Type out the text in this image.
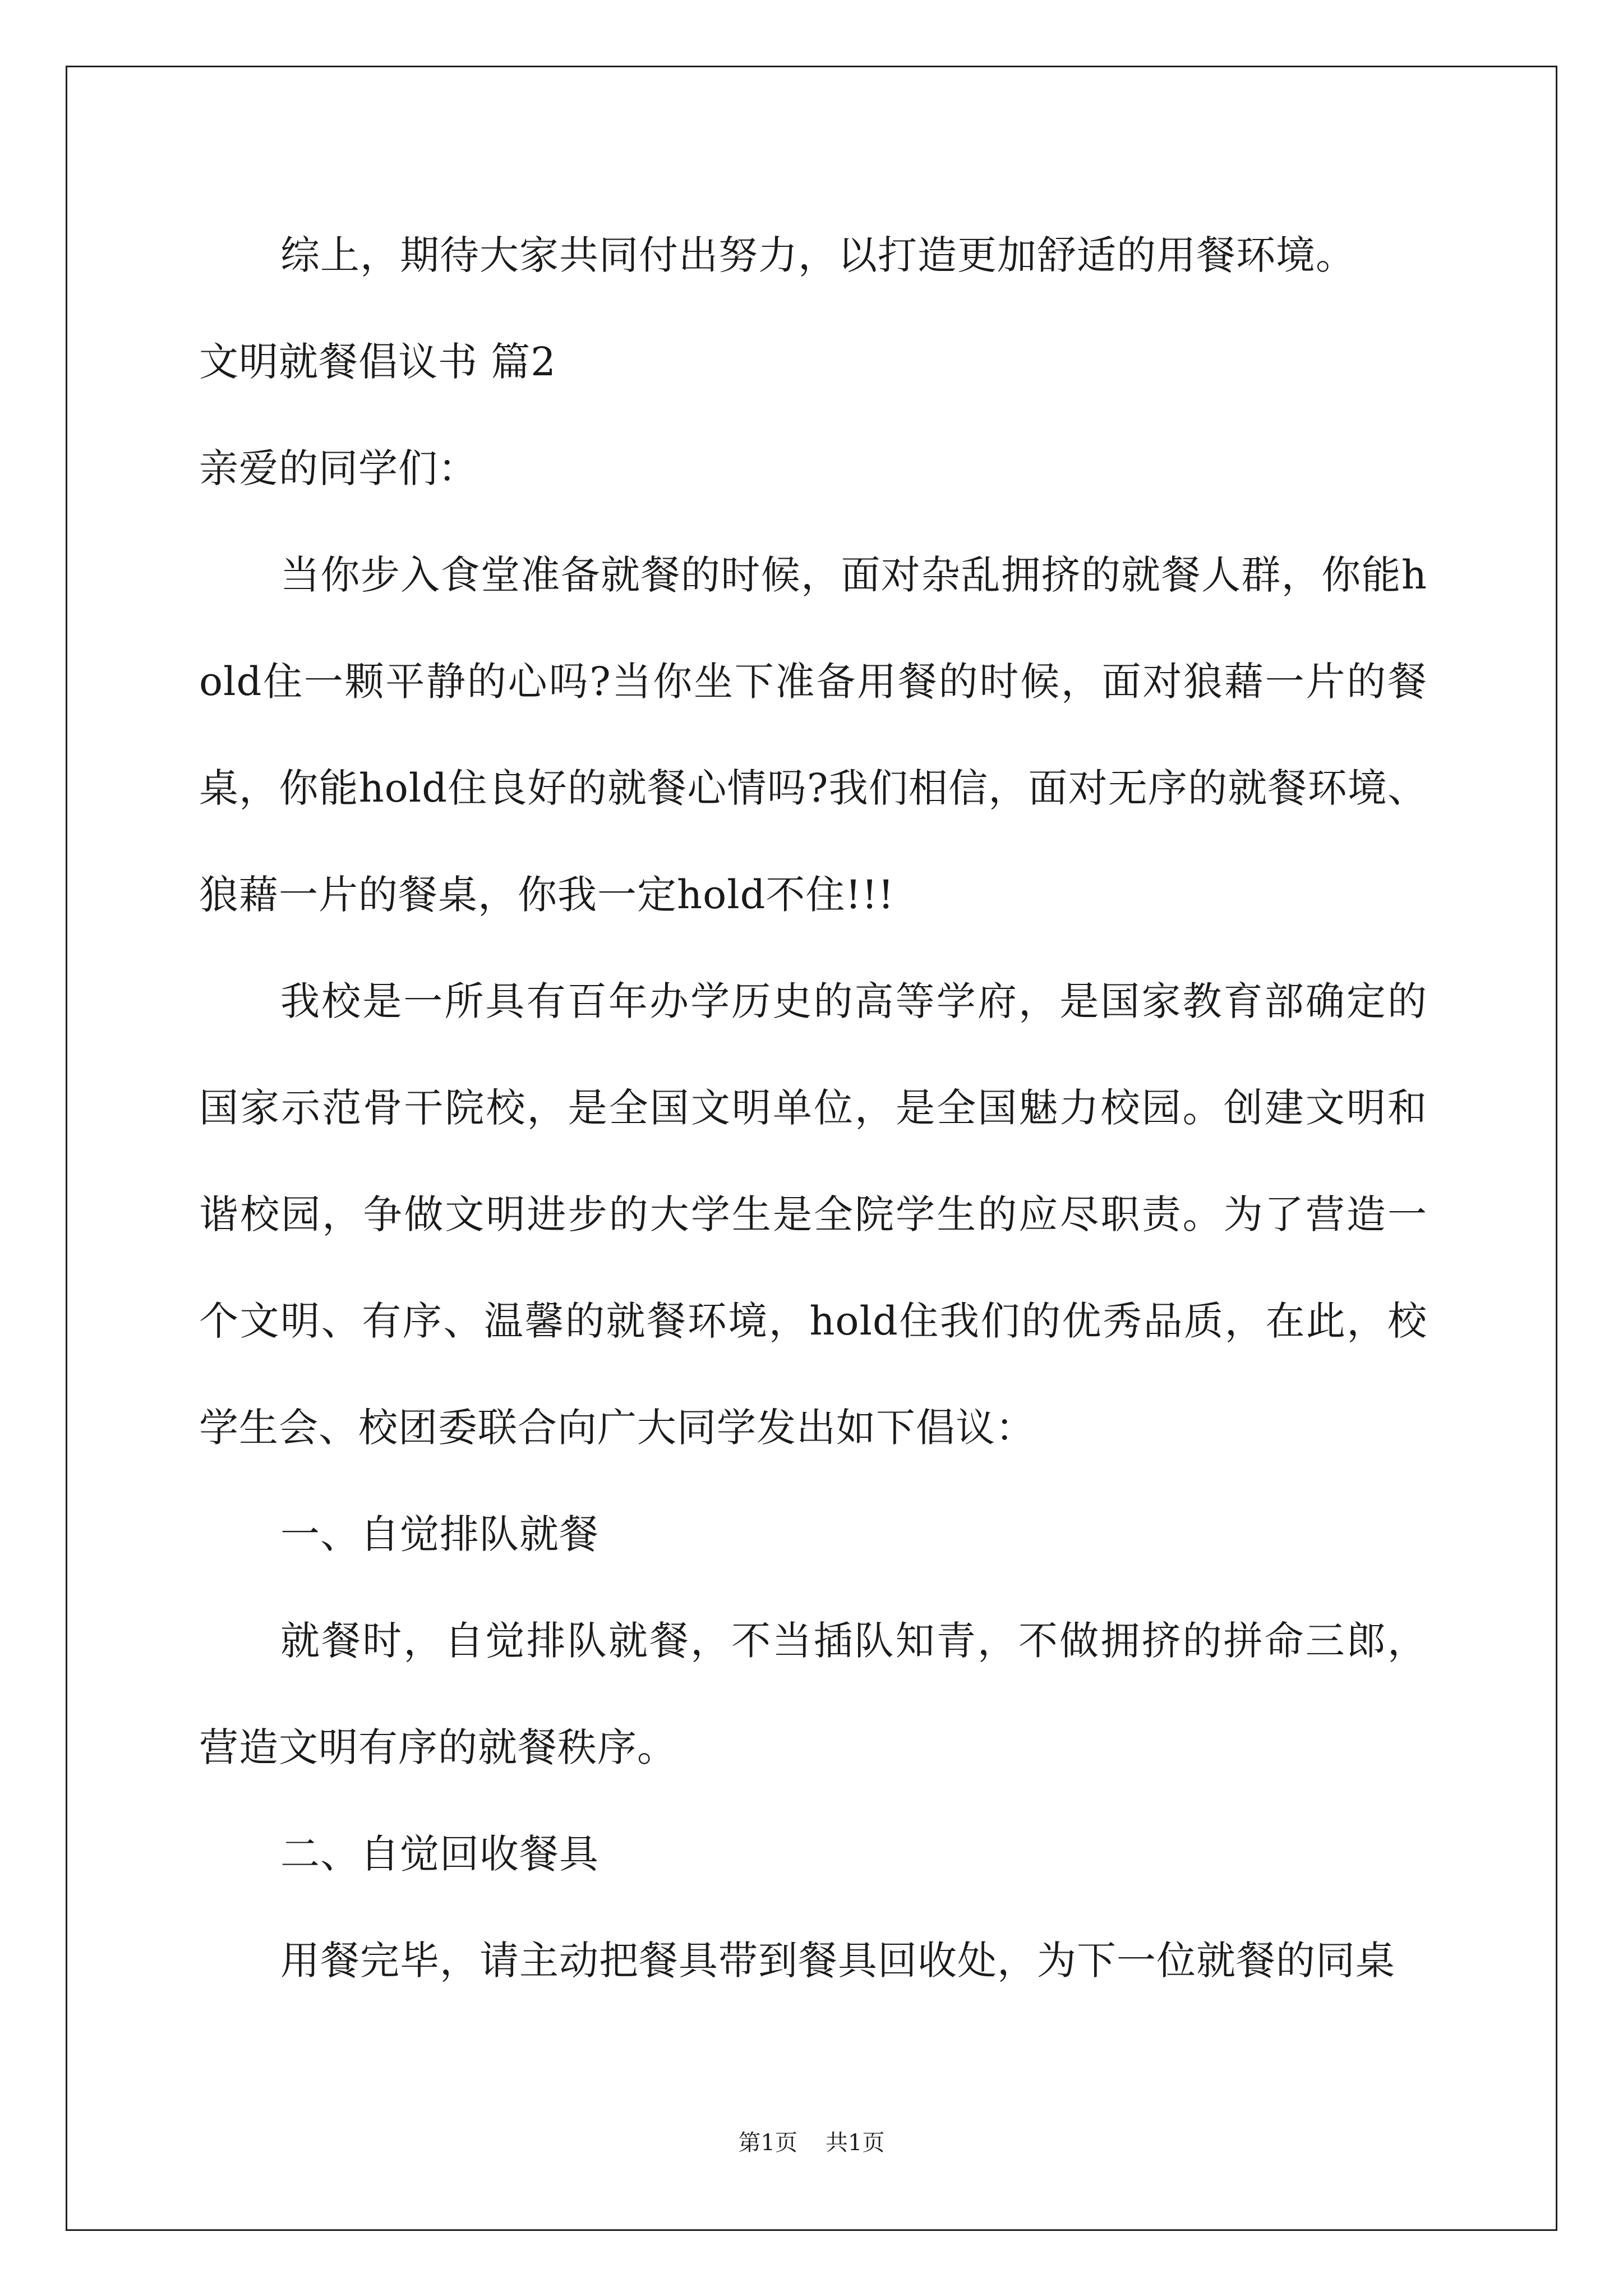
综上，期待大家共同付出努力，以打造更加舒适的用餐环境。

文明就餐倡议书 篇2

亲爱的同学们：

当你步入食堂准备就餐的时候，面对杂乱拥挤的就餐人群，你能hold住一颗平静的心吗?当你坐下准备用餐的时候，面对狼藉一片的餐桌，你能hold住良好的就餐心情吗?我们相信，面对无序的就餐环境、狼藉一片的餐桌，你我一定hold不住!!!

我校是一所具有百年办学历史的高等学府，是国家教育部确定的国家示范骨干院校，是全国文明单位，是全国魅力校园。创建文明和谐校园，争做文明进步的大学生是全院学生的应尽职责。为了营造一个文明、有序、温馨的就餐环境，hold住我们的优秀品质，在此，校学生会、校团委联合向广大同学发出如下倡议：

一、自觉排队就餐

就餐时，自觉排队就餐，不当插队知青，不做拥挤的拼命三郎，营造文明有序的就餐秩序。

二、自觉回收餐具

用餐完毕，请主动把餐具带到餐具回收处，为下一位就餐的同桌

第1页 共1页
